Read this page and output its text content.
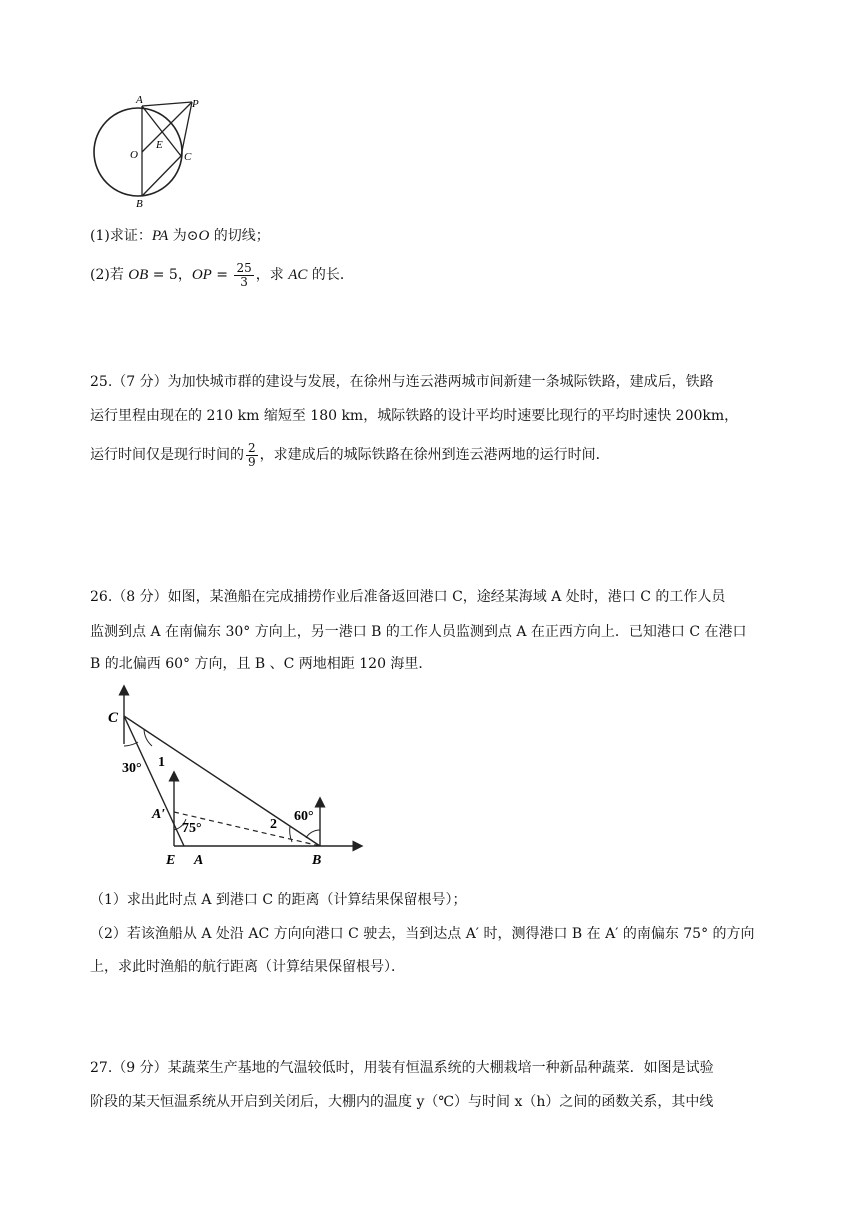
A	P
O
E
C
B
(1)求证：PA 为⊙O 的切线；
(2)若 OB = 5，OP = $\frac{25}{3}$ ，求 AC 的长．
25.（7 分）为加快城市群的建设与发展，在徐州与连云港两城市间新建一条城际铁路，建成后，铁路
运行里程由现在的 210 km 缩短至 180 km，城际铁路的设计平均时速要比现行的平均时速快 200km，
运行时间仅是现行时间的 $\frac{2}{9}$ ，求建成后的城际铁路在徐州到连云港两地的运行时间．
26.（8 分）如图，某渔船在完成捕捞作业后准备返回港口 C，途经某海域 A 处时，港口 C 的工作人员
监测到点 A 在南偏东 30° 方向上，另一港口 B 的工作人员监测到点 A 在正西方向上．已知港口 C 在港口
B 的北偏西 60° 方向，且 B 、C 两地相距 120 海里．
C
30° 1
A′
75°	2
60°
E A	B
（1）求出此时点 A 到港口 C 的距离（计算结果保留根号）；
（2）若该渔船从 A 处沿 AC 方向向港口 C 驶去，当到达点 A′ 时，测得港口 B 在 A′ 的南偏东 75° 的方向
上，求此时渔船的航行距离（计算结果保留根号）．
27.（9 分）某蔬菜生产基地的气温较低时，用装有恒温系统的大棚栽培一种新品种蔬菜．如图是试验
阶段的某天恒温系统从开启到关闭后，大棚内的温度 y（℃）与时间 x（h）之间的函数关系，其中线
